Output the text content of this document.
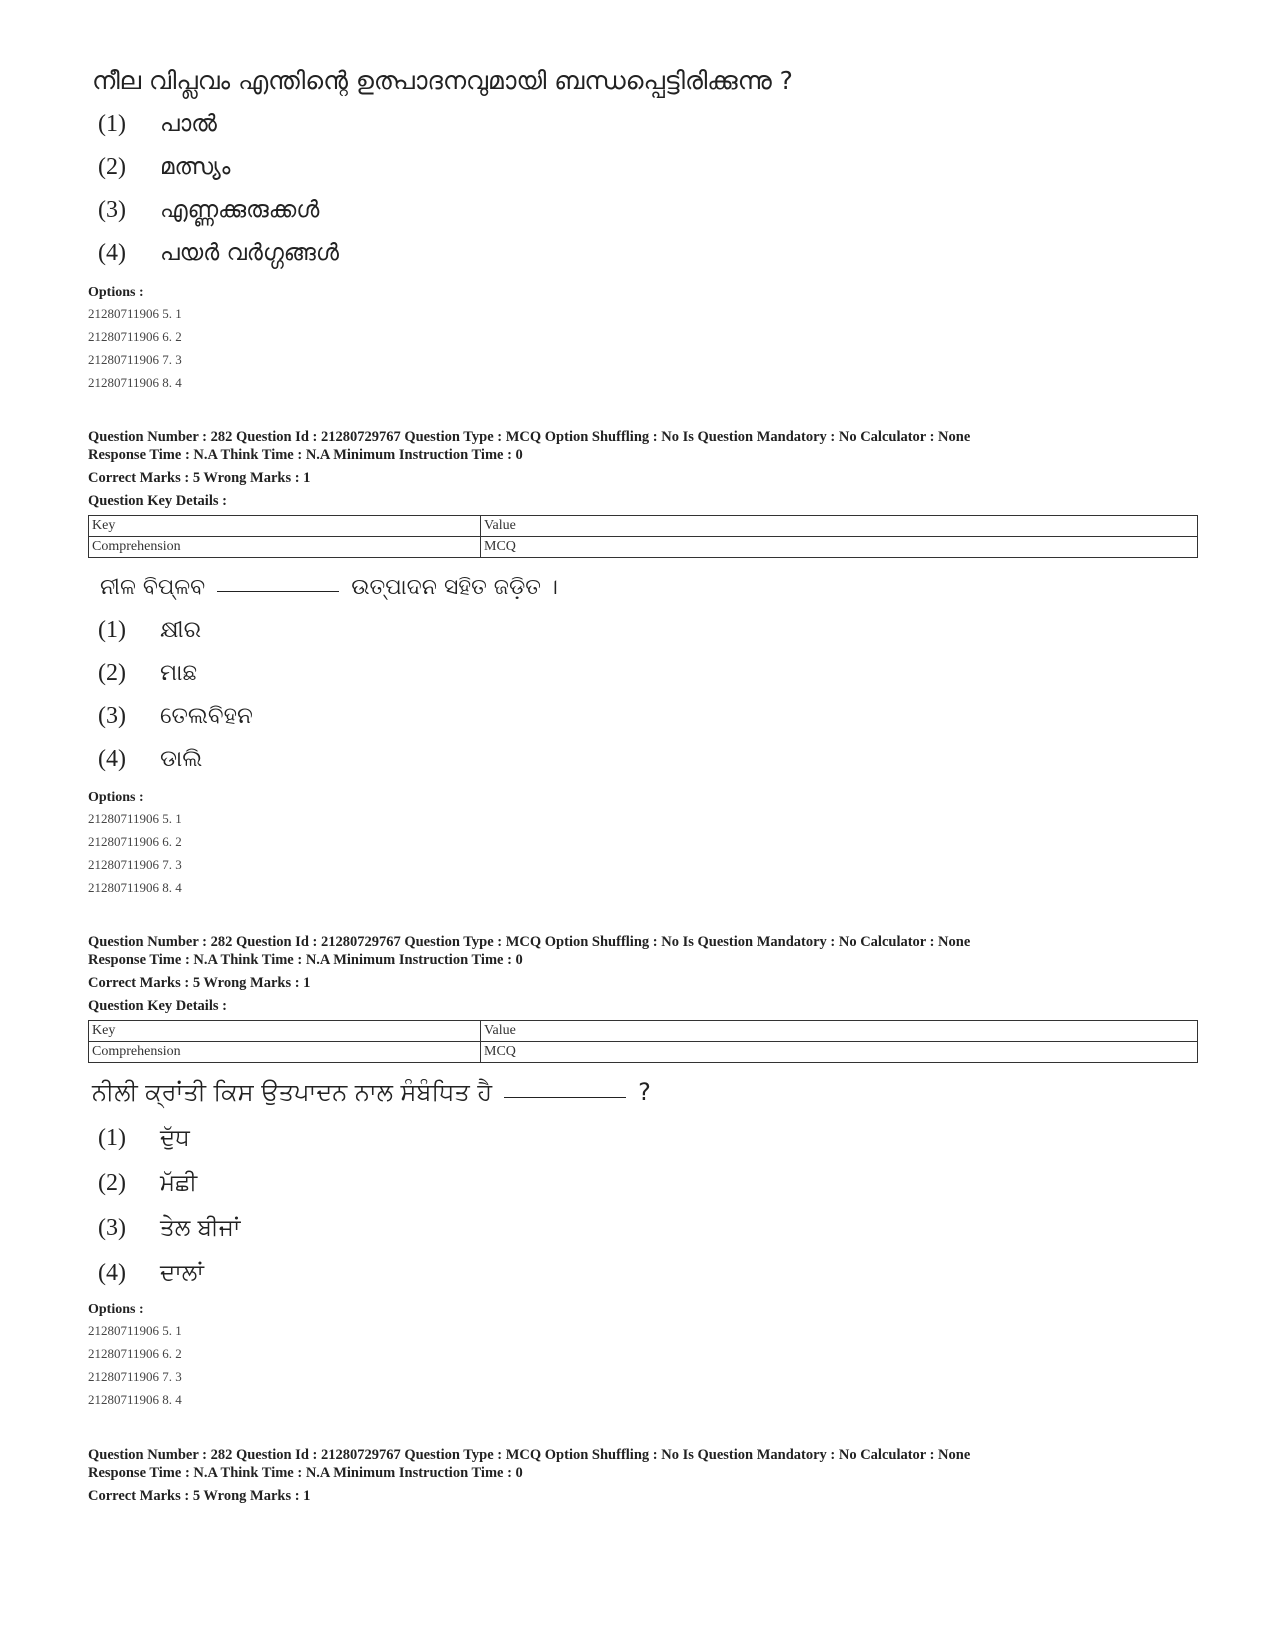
നീല വിപ്ലവം എന്തിന്റെ ഉത്പാദനവുമായി ബന്ധപ്പെട്ടിരിക്കുന്നു ?
(1) പാൽ
(2) മത്സ്യം
(3) എണ്ണക്കുരുക്കൾ
(4) പയർ വർഗ്ഗങ്ങൾ
Options :
21280711906 5. 1
21280711906 6. 2
21280711906 7. 3
21280711906 8. 4
Question Number : 282 Question Id : 21280729767 Question Type : MCQ Option Shuffling : No Is Question Mandatory : No Calculator : None
Response Time : N.A Think Time : N.A Minimum Instruction Time : 0
Correct Marks : 5 Wrong Marks : 1
Question Key Details :
Key	Value
Comprehension	MCQ
ନୀଳ ବିପ୍ଳବ	ଉତ୍ପାଦନ ସହିତ ଜଡ଼ିତ ।
(1) କ୍ଷୀର
(2) ମାଛ
(3) ତେଲବିହନ
(4) ଡାଲି
Options :
21280711906 5. 1
21280711906 6. 2
21280711906 7. 3
21280711906 8. 4
Question Number : 282 Question Id : 21280729767 Question Type : MCQ Option Shuffling : No Is Question Mandatory : No Calculator : None
Response Time : N.A Think Time : N.A Minimum Instruction Time : 0
Correct Marks : 5 Wrong Marks : 1
Question Key Details :
Key	Value
Comprehension	MCQ
ਨੀਲੀ ਕ੍ਰਾਂਤੀ ਕਿਸ ਉਤਪਾਦਨ ਨਾਲ ਸੰਬੰਧਿਤ ਹੈ	?
(1) ਦੁੱਧ
(2) ਮੱਛੀ
(3) ਤੇਲ ਬੀਜਾਂ
(4) ਦਾਲਾਂ
Options :
21280711906 5. 1
21280711906 6. 2
21280711906 7. 3
21280711906 8. 4
Question Number : 282 Question Id : 21280729767 Question Type : MCQ Option Shuffling : No Is Question Mandatory : No Calculator : None
Response Time : N.A Think Time : N.A Minimum Instruction Time : 0
Correct Marks : 5 Wrong Marks : 1
